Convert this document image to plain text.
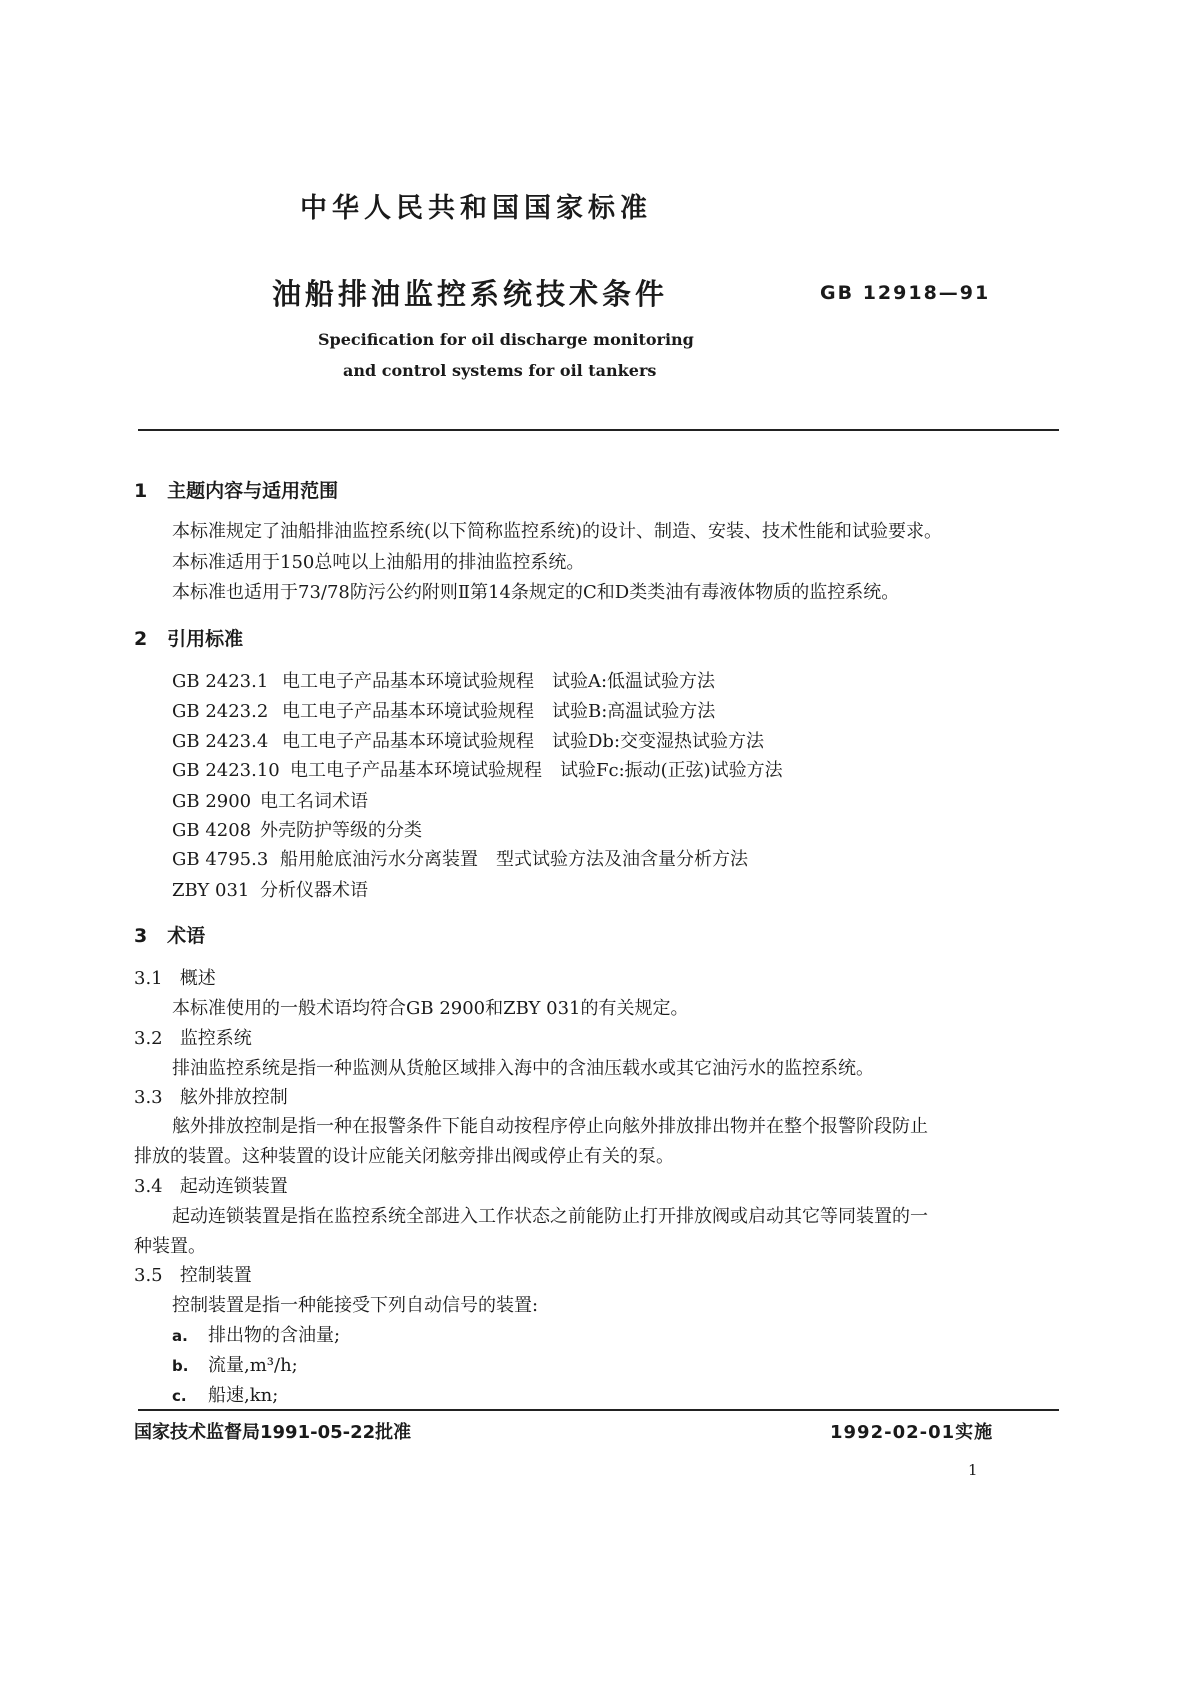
中华人民共和国国家标准
油船排油监控系统技术条件	GB 12918—91
Specification for oil discharge monitoring
and control systems for oil tankers
1 主题内容与适用范围
本标准规定了油船排油监控系统(以下简称监控系统)的设计、制造、安装、技术性能和试验要求。
本标准适用于150总吨以上油船用的排油监控系统。
本标准也适用于73/78防污公约附则Ⅱ第14条规定的C和D类类油有毒液体物质的监控系统。
2 引用标准
GB 2423.1 电工电子产品基本环境试验规程　试验A:低温试验方法
GB 2423.2 电工电子产品基本环境试验规程　试验B:高温试验方法
GB 2423.4 电工电子产品基本环境试验规程　试验Db:交变湿热试验方法
GB 2423.10 电工电子产品基本环境试验规程　试验Fc:振动(正弦)试验方法
GB 2900 电工名词术语
GB 4208 外壳防护等级的分类
GB 4795.3 船用舱底油污水分离装置　型式试验方法及油含量分析方法
ZBY 031 分析仪器术语
3 术语
3.1 概述
本标准使用的一般术语均符合GB 2900和ZBY 031的有关规定。
3.2 监控系统
排油监控系统是指一种监测从货舱区域排入海中的含油压载水或其它油污水的监控系统。
3.3 舷外排放控制
舷外排放控制是指一种在报警条件下能自动按程序停止向舷外排放排出物并在整个报警阶段防止
排放的装置。这种装置的设计应能关闭舷旁排出阀或停止有关的泵。
3.4 起动连锁装置
起动连锁装置是指在监控系统全部进入工作状态之前能防止打开排放阀或启动其它等同装置的一
种装置。
3.5 控制装置
控制装置是指一种能接受下列自动信号的装置:
a. 排出物的含油量;
b. 流量,m³/h;
c. 船速,kn;
国家技术监督局1991-05-22批准	1992-02-01实施
1
